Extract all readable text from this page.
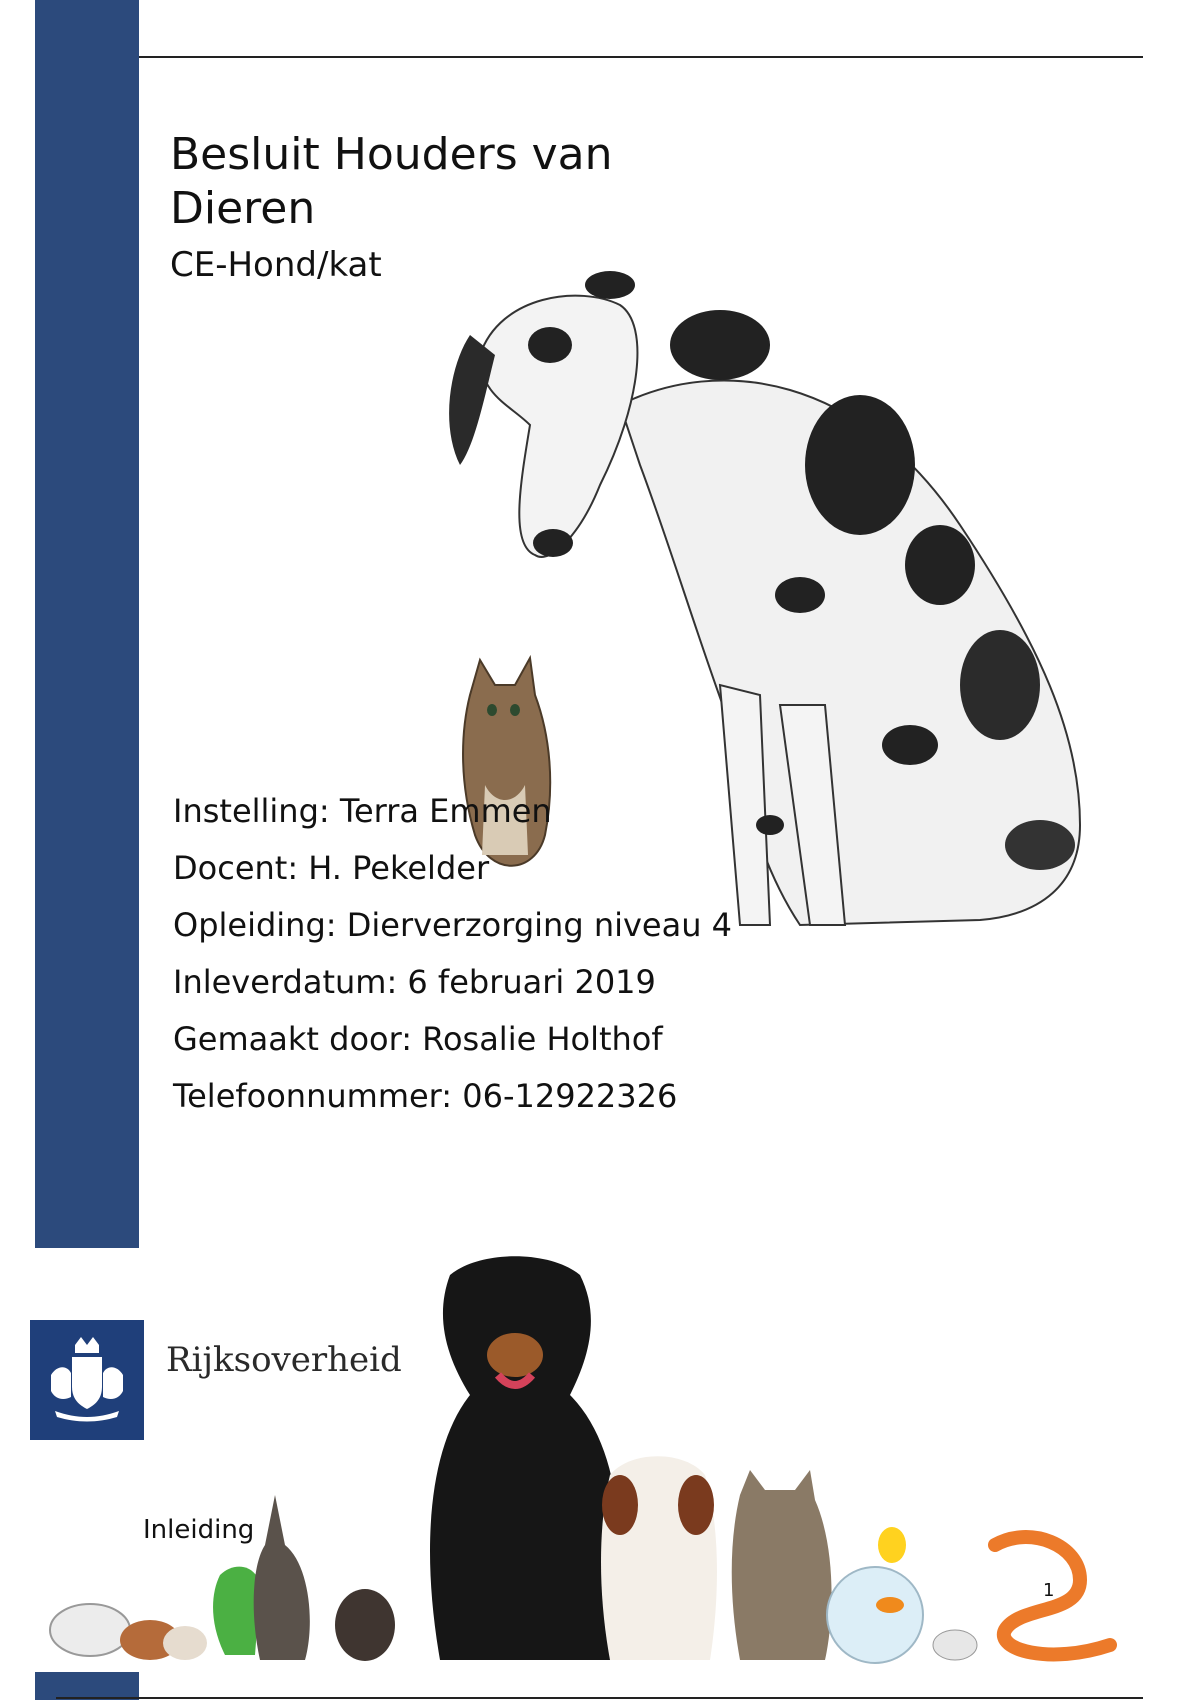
Besluit Houders van Dieren
CE-Hond/kat
Instelling: Terra Emmen
Docent: H. Pekelder
Opleiding: Dierverzorging niveau 4
Inleverdatum: 6 februari 2019
Gemaakt door: Rosalie Holthof
Telefoonnummer: 06-12922326
Rijksoverheid
Inleiding
1
